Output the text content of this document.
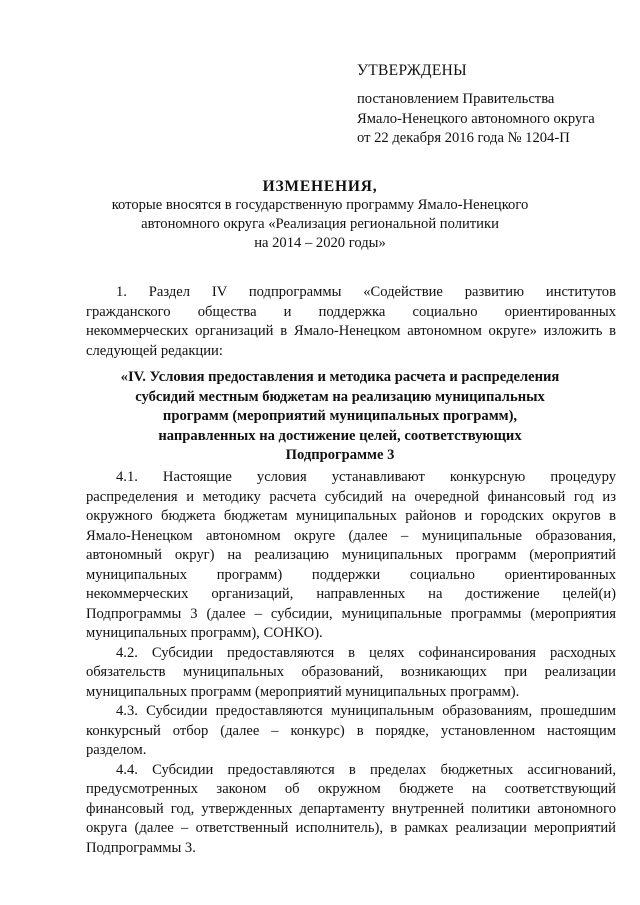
УТВЕРЖДЕНЫ
постановлением Правительства
Ямало-Ненецкого автономного округа
от 22 декабря 2016 года № 1204-П
ИЗМЕНЕНИЯ,
которые вносятся в государственную программу Ямало-Ненецкого
автономного округа «Реализация региональной политики
на 2014 – 2020 годы»
1. Раздел IV подпрограммы «Содействие развитию институтов
гражданского общества и поддержка социально ориентированных
некоммерческих организаций в Ямало-Ненецком автономном округе» изложить в
следующей редакции:
«IV. Условия предоставления и методика расчета и распределения
субсидий местным бюджетам на реализацию муниципальных
программ (мероприятий муниципальных программ),
направленных на достижение целей, соответствующих
Подпрограмме 3
4.1. Настоящие условия устанавливают конкурсную процедуру
распределения и методику расчета субсидий на очередной финансовый год из
окружного бюджета бюджетам муниципальных районов и городских округов в
Ямало-Ненецком автономном округе (далее – муниципальные образования,
автономный округ) на реализацию муниципальных программ (мероприятий
муниципальных программ) поддержки социально ориентированных
некоммерческих организаций, направленных на достижение целей(и)
Подпрограммы 3 (далее – субсидии, муниципальные программы (мероприятия
муниципальных программ), СОНКО).
4.2. Субсидии предоставляются в целях софинансирования расходных
обязательств муниципальных образований, возникающих при реализации
муниципальных программ (мероприятий муниципальных программ).
4.3. Субсидии предоставляются муниципальным образованиям, прошедшим
конкурсный отбор (далее – конкурс) в порядке, установленном настоящим
разделом.
4.4. Субсидии предоставляются в пределах бюджетных ассигнований,
предусмотренных законом об окружном бюджете на соответствующий
финансовый год, утвержденных департаменту внутренней политики автономного
округа (далее – ответственный исполнитель), в рамках реализации мероприятий
Подпрограммы 3.
